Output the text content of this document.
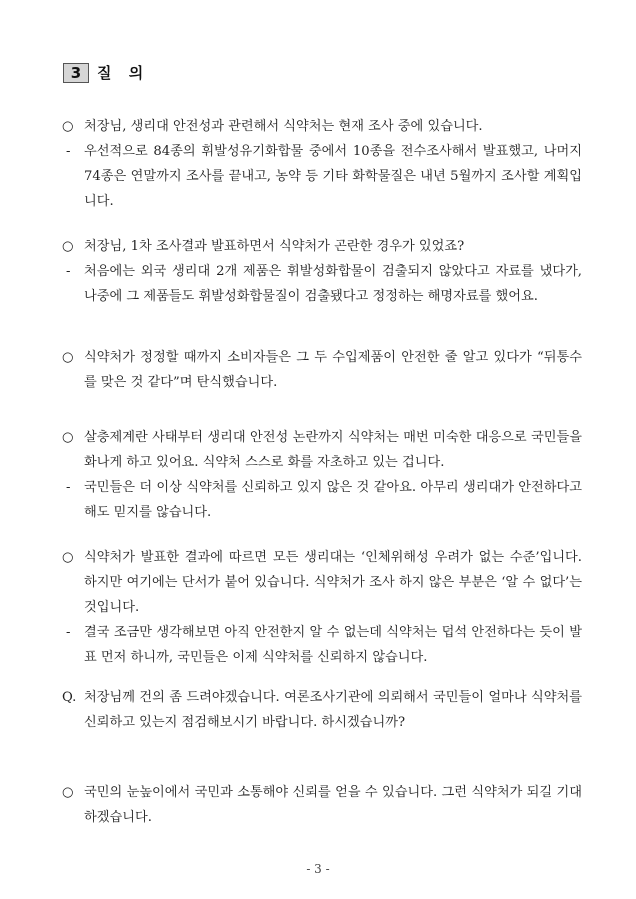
3	질 의
○ 처장님, 생리대 안전성과 관련해서 식약처는 현재 조사 중에 있습니다.
-	우선적으로 84종의 휘발성유기화합물 중에서 10종을 전수조사해서 발표했고, 나머지 74종은 연말까지 조사를 끝내고, 농약 등 기타 화학물질은 내년 5월까지 조사할 계획입니다.
○ 처장님, 1차 조사결과 발표하면서 식약처가 곤란한 경우가 있었죠?
-	처음에는 외국 생리대 2개 제품은 휘발성화합물이 검출되지 않았다고 자료를 냈다가, 나중에 그 제품들도 휘발성화합물질이 검출됐다고 정정하는 해명자료를 했어요.
○ 식약처가 정정할 때까지 소비자들은 그 두 수입제품이 안전한 줄 알고 있다가 “뒤통수를 맞은 것 같다”며 탄식했습니다.
○ 살충제계란 사태부터 생리대 안전성 논란까지 식약처는 매번 미숙한 대응으로 국민들을 화나게 하고 있어요. 식약처 스스로 화를 자초하고 있는 겁니다.
-	국민들은 더 이상 식약처를 신뢰하고 있지 않은 것 같아요. 아무리 생리대가 안전하다고 해도 믿지를 않습니다.
○ 식약처가 발표한 결과에 따르면 모든 생리대는 ‘인체위해성 우려가 없는 수준’입니다. 하지만 여기에는 단서가 붙어 있습니다. 식약처가 조사 하지 않은 부분은 ‘알 수 없다’는 것입니다.
-	결국 조금만 생각해보면 아직 안전한지 알 수 없는데 식약처는 덥석 안전하다는 듯이 발표 먼저 하니까, 국민들은 이제 식약처를 신뢰하지 않습니다.
Q. 처장님께 건의 좀 드려야겠습니다. 여론조사기관에 의뢰해서 국민들이 얼마나 식약처를 신뢰하고 있는지 점검해보시기 바랍니다. 하시겠습니까?
○ 국민의 눈높이에서 국민과 소통해야 신뢰를 얻을 수 있습니다. 그런 식약처가 되길 기대하겠습니다.
- 3 -
